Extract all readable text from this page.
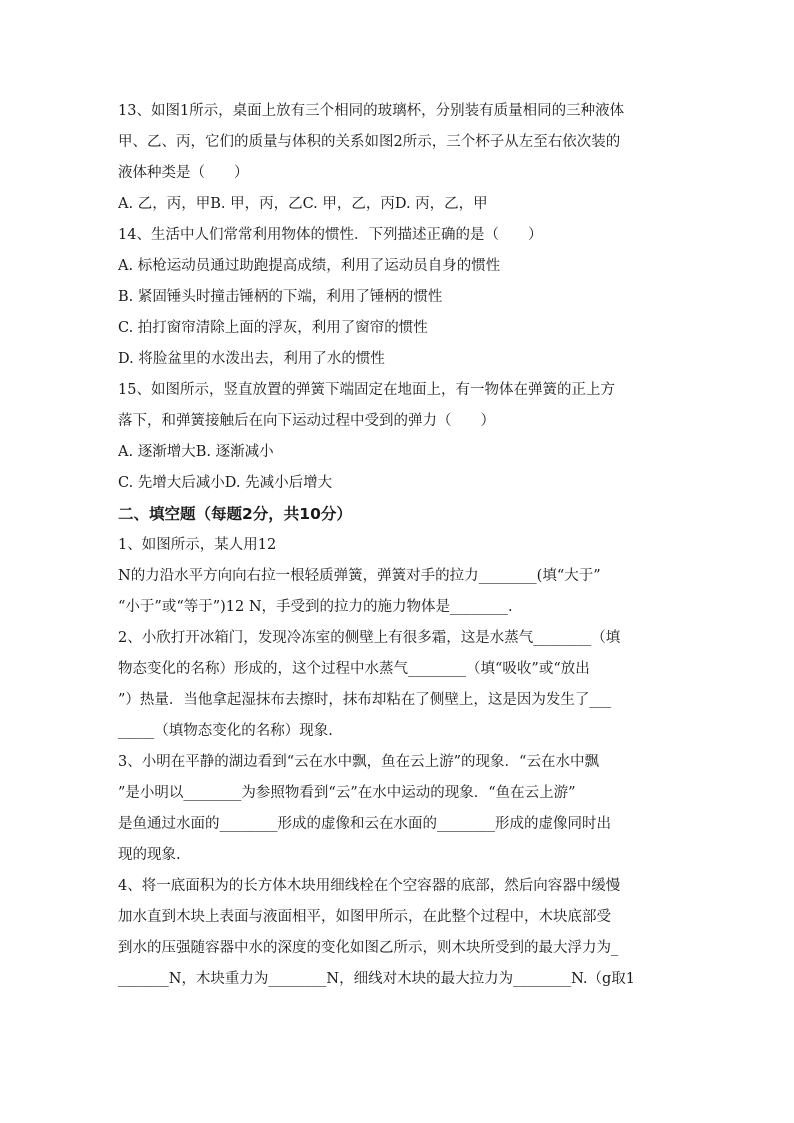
13、如图1所示，桌面上放有三个相同的玻璃杯，分别装有质量相同的三种液体
甲、乙、丙，它们的质量与体积的关系如图2所示，三个杯子从左至右依次装的
液体种类是（　　）
A. 乙，丙，甲B. 甲，丙，乙C. 甲，乙，丙D. 丙，乙，甲
14、生活中人们常常利用物体的惯性．下列描述正确的是（　　）
A. 标枪运动员通过助跑提高成绩，利用了运动员自身的惯性
B. 紧固锤头时撞击锤柄的下端，利用了锤柄的惯性
C. 拍打窗帘清除上面的浮灰，利用了窗帘的惯性
D. 将脸盆里的水泼出去，利用了水的惯性
15、如图所示，竖直放置的弹簧下端固定在地面上，有一物体在弹簧的正上方
落下，和弹簧接触后在向下运动过程中受到的弹力（　　）
A. 逐渐增大B. 逐渐减小
C. 先增大后减小D. 先减小后增大
二、填空题（每题2分，共10分）
1、如图所示，某人用12
N的力沿水平方向向右拉一根轻质弹簧，弹簧对手的拉力________(填“大于”
“小于”或“等于”)12 N，手受到的拉力的施力物体是________.
2、小欣打开冰箱门，发现冷冻室的侧壁上有很多霜，这是水蒸气________（填
物态变化的名称）形成的，这个过程中水蒸气________（填“吸收”或“放出
”）热量．当他拿起湿抹布去擦时，抹布却粘在了侧壁上，这是因为发生了___
_____（填物态变化的名称）现象.
3、小明在平静的湖边看到“云在水中飘，鱼在云上游”的现象．“云在水中飘
”是小明以________为参照物看到“云”在水中运动的现象．“鱼在云上游”
是鱼通过水面的________形成的虚像和云在水面的________形成的虚像同时出
现的现象.
4、将一底面积为的长方体木块用细线栓在个空容器的底部，然后向容器中缓慢
加水直到木块上表面与液面相平，如图甲所示，在此整个过程中，木块底部受
到水的压强随容器中水的深度的变化如图乙所示，则木块所受到的最大浮力为_
_______N，木块重力为________N，细线对木块的最大拉力为________N.（g取1
